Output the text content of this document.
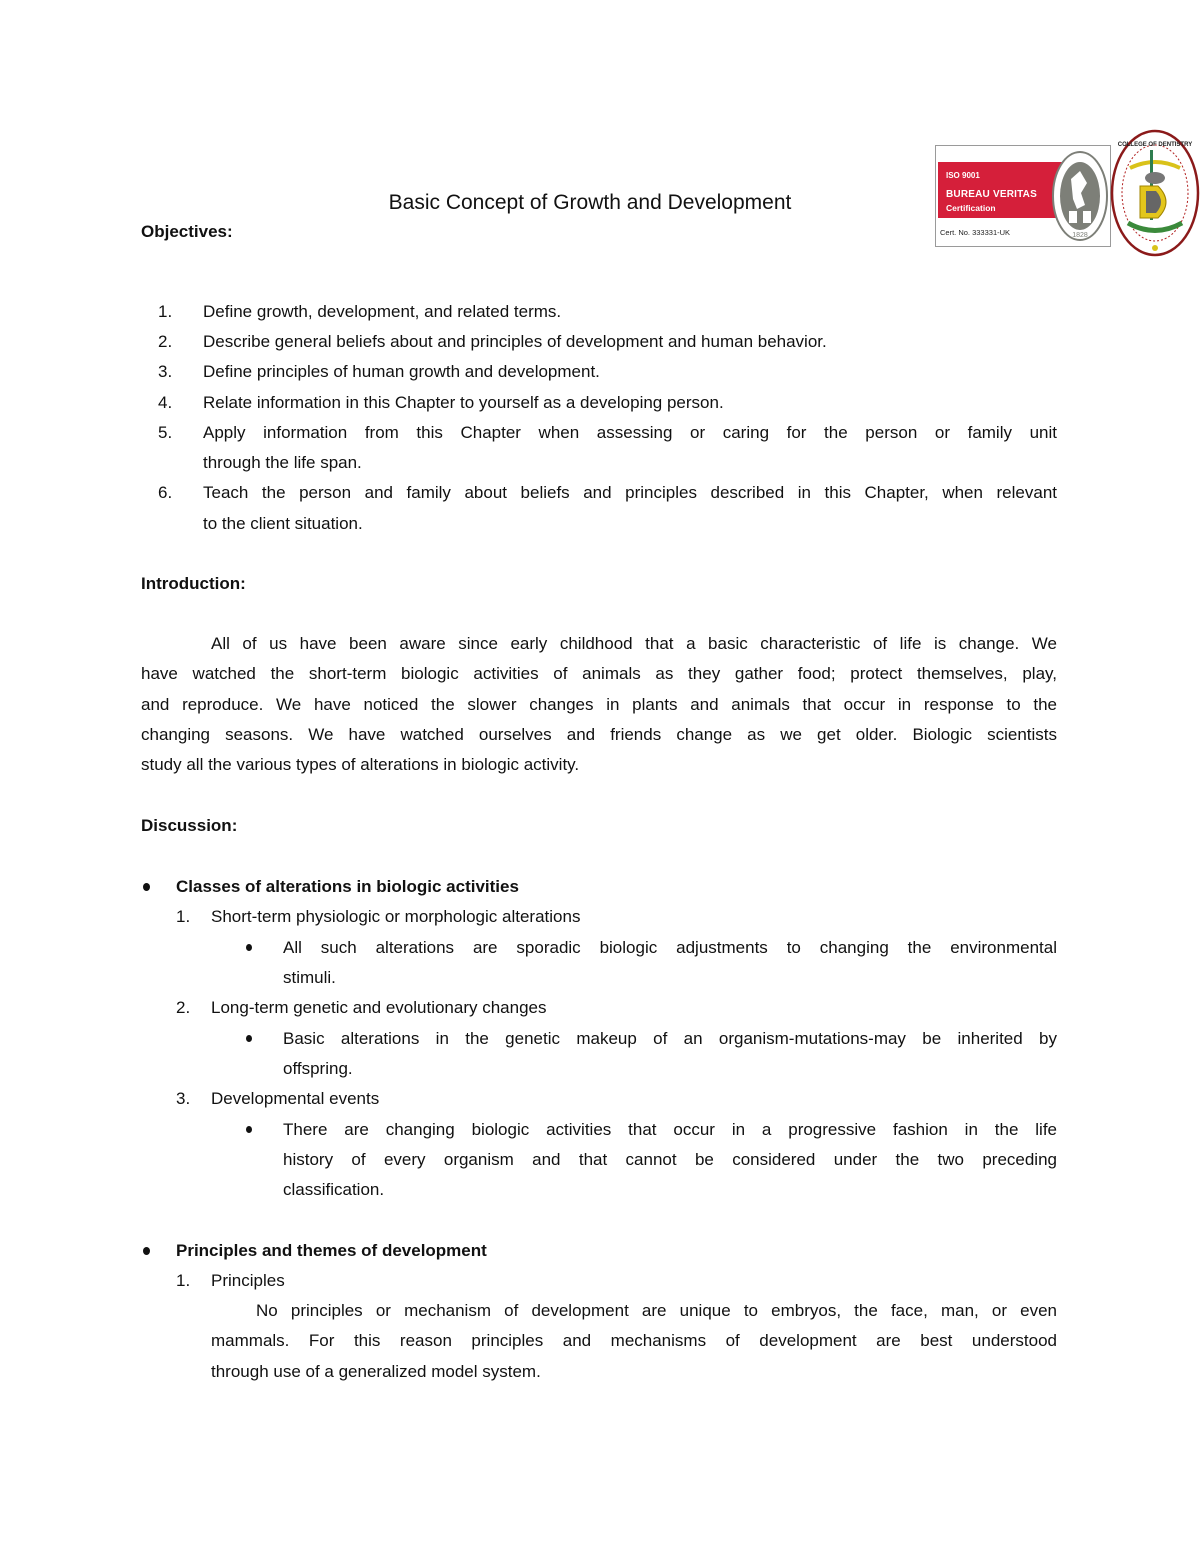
ISO 9001
BUREAU VERITAS
Certification
Cert. No. 333331-UK	1828
COLLEGE OF DENTISTRY
Basic Concept of Growth and Development
Objectives:
1. Define growth, development, and related terms.
2. Describe general beliefs about and principles of development and human behavior.
3. Define principles of human growth and development.
4. Relate information in this Chapter to yourself as a developing person.
5. Apply information from this Chapter when assessing or caring for the person or family unit
through the life span.
6. Teach the person and family about beliefs and principles described in this Chapter, when relevant
to the client situation.
Introduction:
All of us have been aware since early childhood that a basic characteristic of life is change. We
have watched the short-term biologic activities of animals as they gather food; protect themselves, play,
and reproduce. We have noticed the slower changes in plants and animals that occur in response to the
changing seasons. We have watched ourselves and friends change as we get older. Biologic scientists
study all the various types of alterations in biologic activity.
Discussion:
Classes of alterations in biologic activities
1. Short-term physiologic or morphologic alterations
All such alterations are sporadic biologic adjustments to changing the environmental
stimuli.
2. Long-term genetic and evolutionary changes
Basic alterations in the genetic makeup of an organism-mutations-may be inherited by
offspring.
3. Developmental events
There are changing biologic activities that occur in a progressive fashion in the life
history of every organism and that cannot be considered under the two preceding
classification.
Principles and themes of development
1. Principles
No principles or mechanism of development are unique to embryos, the face, man, or even
mammals. For this reason principles and mechanisms of development are best understood
through use of a generalized model system.
